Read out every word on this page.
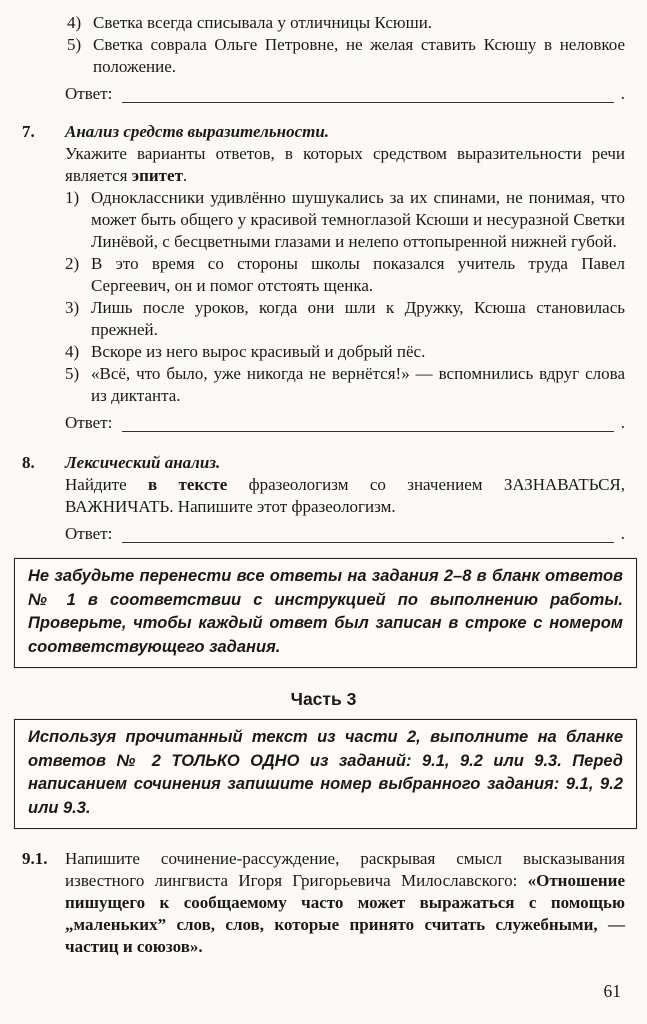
4) Светка всегда списывала у отличницы Ксюши.
5) Светка соврала Ольге Петровне, не желая ставить Ксюшу в неловкое положение.
Ответ:	.
7.	Анализ средств выразительности.

Укажите варианты ответов, в которых средством выразительности речи является эпитет.

1) Одноклассники удивлённо шушукались за их спинами, не понимая, что может быть общего у красивой темноглазой Ксюши и несуразной Светки Линёвой, с бесцветными глазами и нелепо оттопыренной нижней губой.
2) В это время со стороны школы показался учитель труда Павел Сергеевич, он и помог отстоять щенка.
3) Лишь после уроков, когда они шли к Дружку, Ксюша становилась прежней.
4) Вскоре из него вырос красивый и добрый пёс.
5) «Всё, что было, уже никогда не вернётся!» — вспомнились вдруг слова из диктанта.
Ответ:	.
8.	Лексический анализ.

Найдите в тексте фразеологизм со значением ЗАЗНАВАТЬСЯ, ВАЖНИЧАТЬ. Напишите этот фразеологизм.

Ответ:	.
Не забудьте перенести все ответы на задания 2–8 в бланк ответов № 1 в соответствии с инструкцией по выполнению работы. Проверьте, чтобы каждый ответ был записан в строке с номером соответствующего задания.
Часть 3
Используя прочитанный текст из части 2, выполните на бланке ответов № 2 ТОЛЬКО ОДНО из заданий: 9.1, 9.2 или 9.3. Перед написанием сочинения запишите номер выбранного задания: 9.1, 9.2 или 9.3.
9.1.	Напишите сочинение-рассуждение, раскрывая смысл высказывания известного лингвиста Игоря Григорьевича Милославского: «Отношение пишущего к сообщаемому часто может выражаться с помощью „маленьких” слов, слов, которые принято считать служебными, — частиц и союзов».

61
